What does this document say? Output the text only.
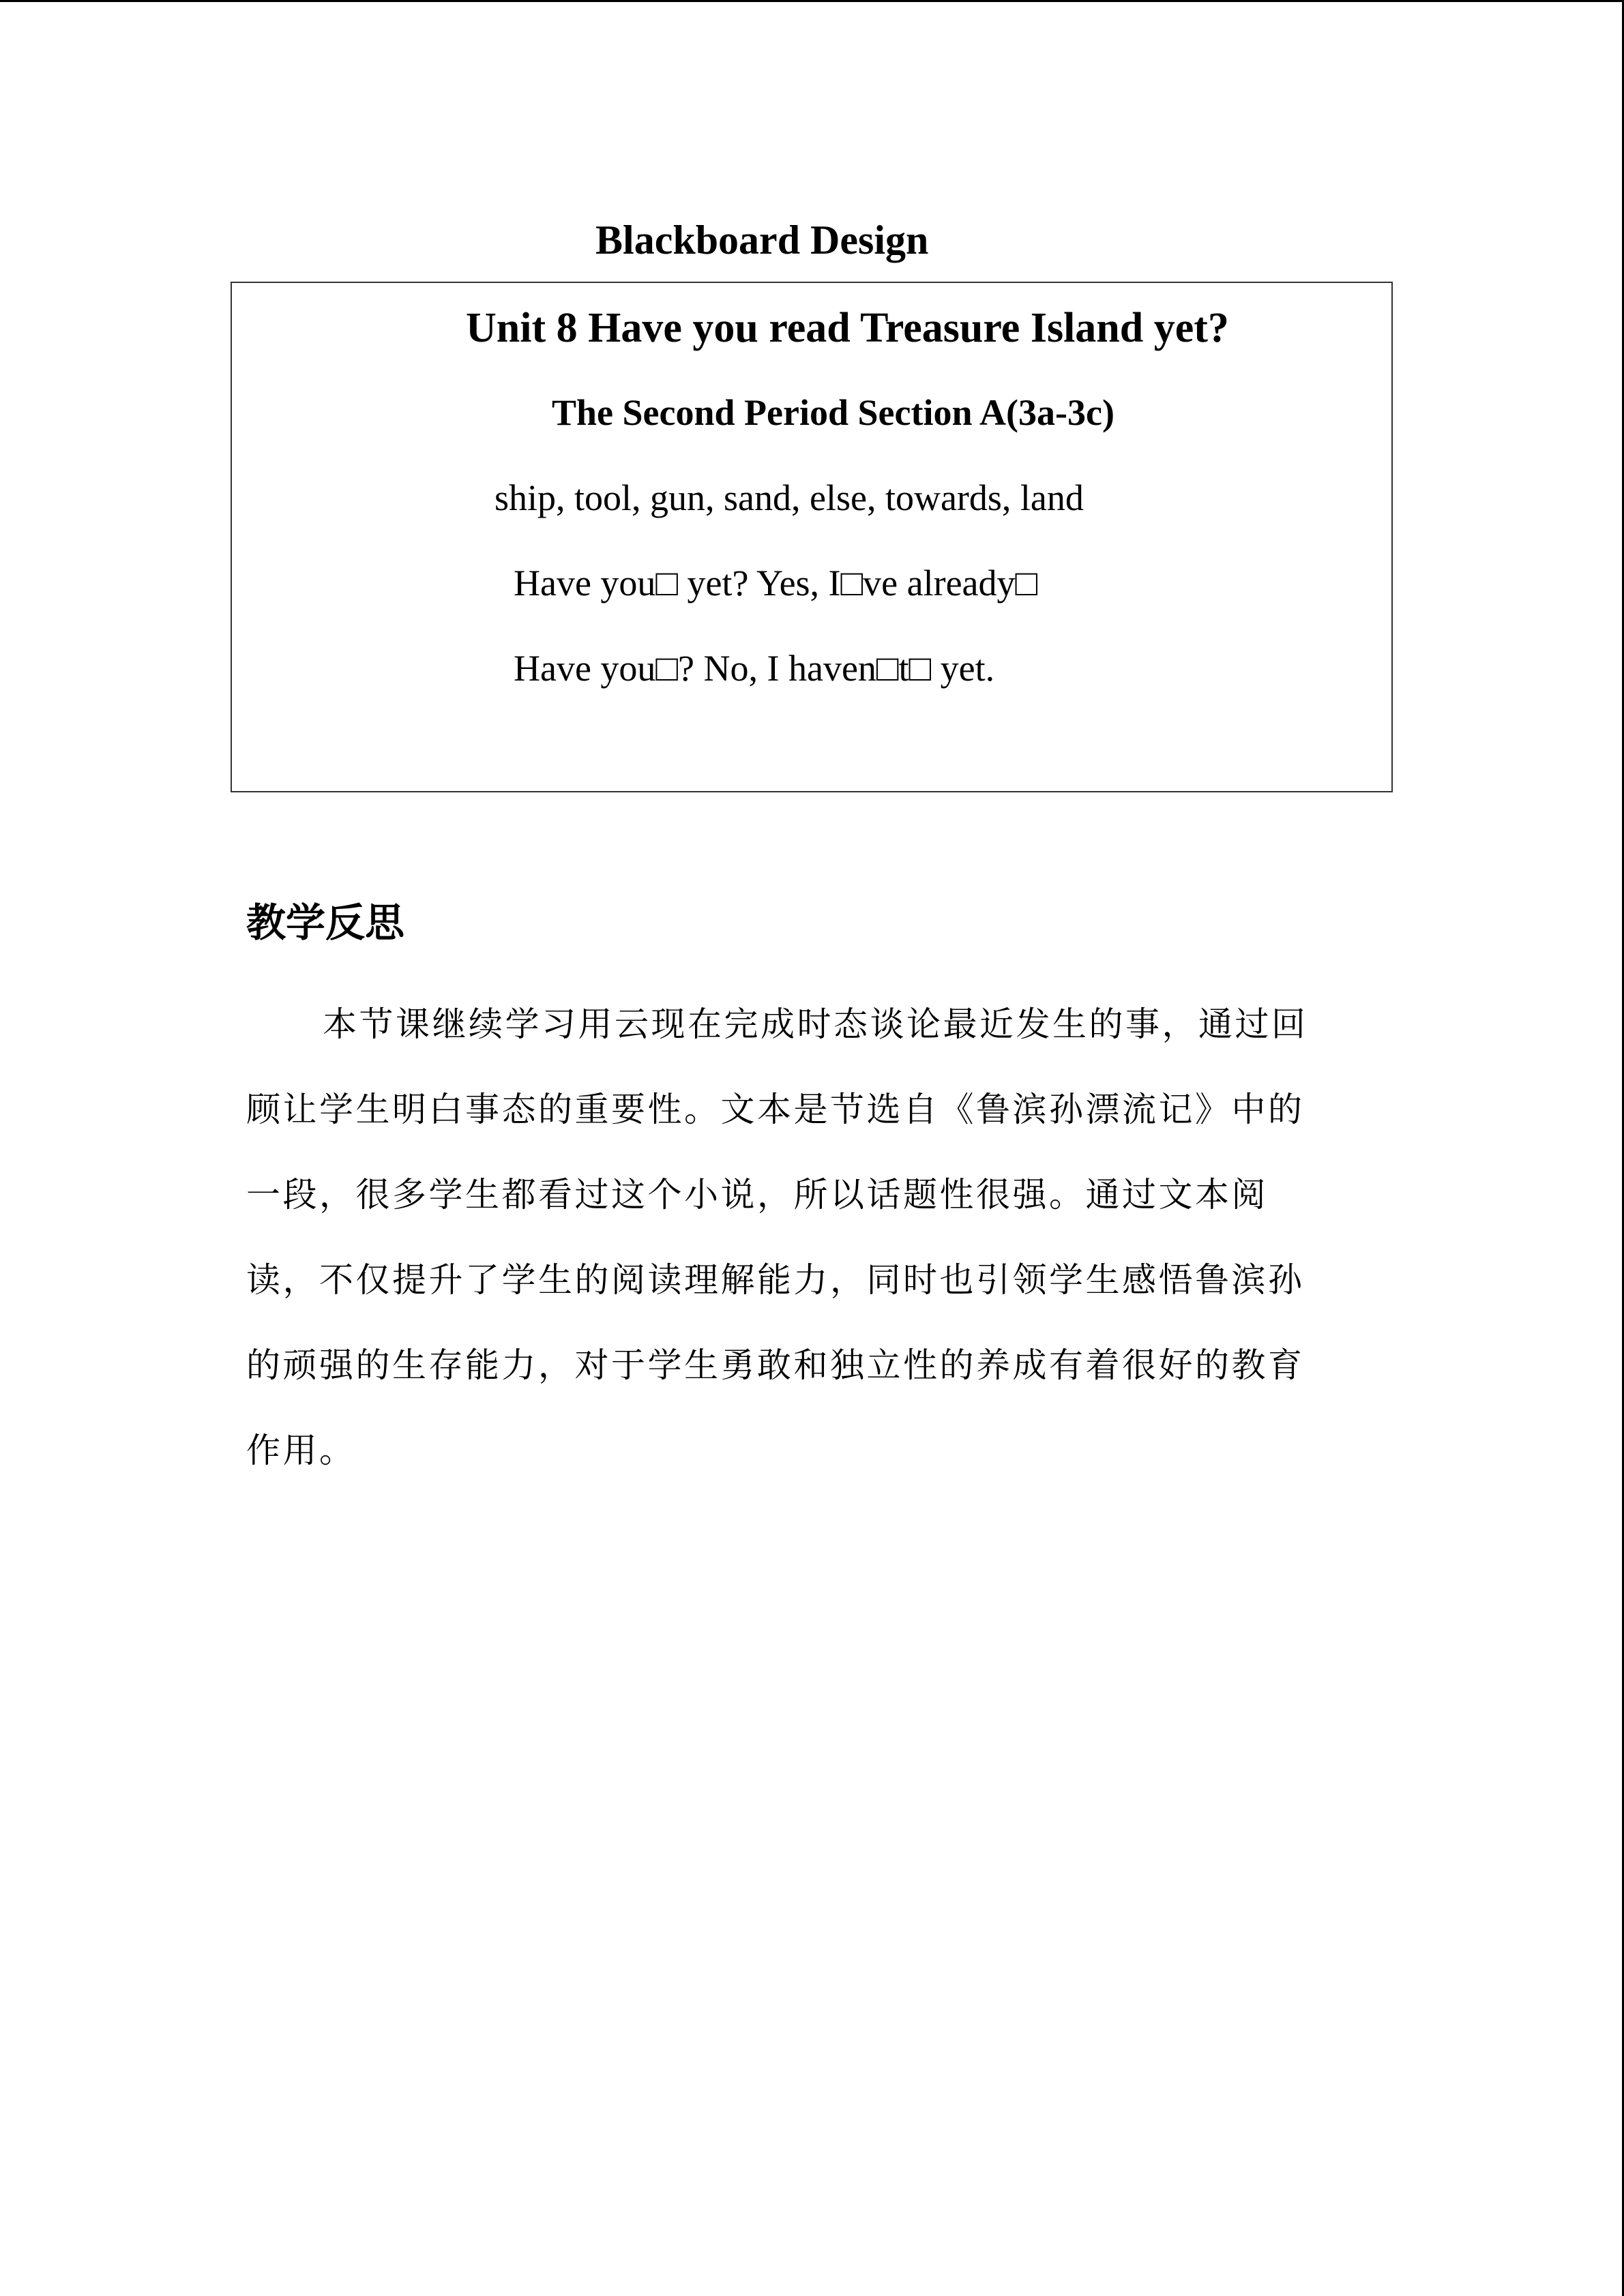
Blackboard Design
Unit 8 Have you read Treasure Island yet?
The Second Period Section A(3a-3c)
ship, tool, gun, sand, else, towards, land
Have you□ yet? Yes, I□ve already□
Have you□? No, I haven□t□ yet.
教学反思
本节课继续学习用云现在完成时态谈论最近发生的事，通过回
顾让学生明白事态的重要性。文本是节选自《鲁滨孙漂流记》中的
一段，很多学生都看过这个小说，所以话题性很强。通过文本阅
读，不仅提升了学生的阅读理解能力，同时也引领学生感悟鲁滨孙
的顽强的生存能力，对于学生勇敢和独立性的养成有着很好的教育
作用。
